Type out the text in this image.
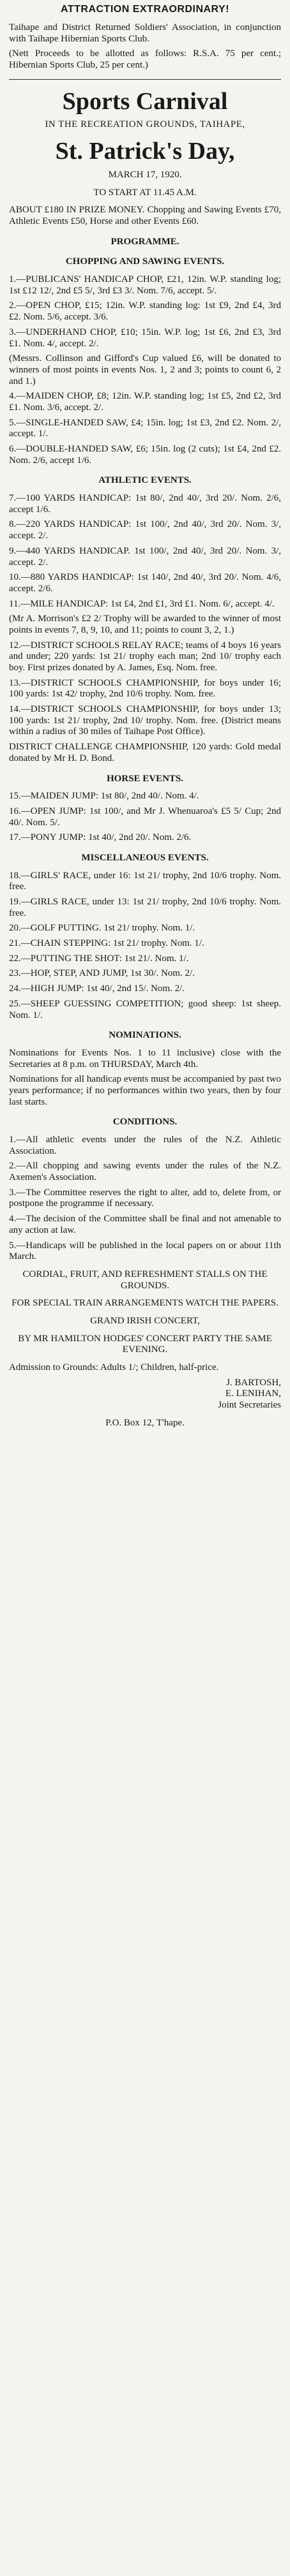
ATTRACTION EXTRAORDINARY!

Taihape and District Returned Soldiers' Association, in conjunction with Taihape Hibernian Sports Club.

(Nett Proceeds to be allotted as follows: R.S.A. 75 per cent.; Hibernian Sports Club, 25 per cent.)

Sports Carnival
IN THE RECREATION GROUNDS, TAIHAPE,
St. Patrick's Day,
MARCH 17, 1920.
TO START AT 11.45 A.M.

ABOUT £180 IN PRIZE MONEY. Chopping and Sawing Events £70, Athletic Events £50, Horse and other Events £60.

PROGRAMME.
CHOPPING AND SAWING EVENTS.

1.—PUBLICANS' HANDICAP CHOP, £21, 12in. W.P. standing log; 1st £12 12/, 2nd £5 5/, 3rd £3 3/. Nom. 7/6, accept. 5/.

2.—OPEN CHOP, £15; 12in. W.P. standing log: 1st £9, 2nd £4, 3rd £2. Nom. 5/6, accept. 3/6.

3.—UNDERHAND CHOP, £10; 15in. W.P. log; 1st £6, 2nd £3, 3rd £1. Nom. 4/, accept. 2/.

(Messrs. Collinson and Gifford's Cup valued £6, will be donated to winners of most points in events Nos. 1, 2 and 3; points to count 6, 2 and 1.)

4.—MAIDEN CHOP, £8; 12in. W.P. standing log; 1st £5, 2nd £2, 3rd £1. Nom. 3/6, accept. 2/.

5.—SINGLE-HANDED SAW, £4; 15in. log; 1st £3, 2nd £2. Nom. 2/, accept. 1/.

6.—DOUBLE-HANDED SAW, £6; 15in. log (2 cuts); 1st £4, 2nd £2. Nom. 2/6, accept 1/6.

ATHLETIC EVENTS.

7.—100 YARDS HANDICAP: 1st 80/, 2nd 40/, 3rd 20/. Nom. 2/6, accept 1/6.

8.—220 YARDS HANDICAP: 1st 100/, 2nd 40/, 3rd 20/. Nom. 3/, accept. 2/.

9.—440 YARDS HANDICAP. 1st 100/, 2nd 40/, 3rd 20/. Nom. 3/, accept. 2/.

10.—880 YARDS HANDICAP: 1st 140/, 2nd 40/, 3rd 20/. Nom. 4/6, accept. 2/6.

11.—MILE HANDICAP: 1st £4, 2nd £1, 3rd £1. Nom. 6/, accept. 4/.

(Mr A. Morrison's £2 2/ Trophy will be awarded to the winner of most points in events 7, 8, 9, 10, and 11; points to count 3, 2, 1.)

12.—DISTRICT SCHOOLS RELAY RACE; teams of 4 boys 16 years and under; 220 yards: 1st 21/ trophy each man; 2nd 10/ trophy each boy. First prizes donated by A. James, Esq. Nom. free.

13.—DISTRICT SCHOOLS CHAMPIONSHIP, for boys under 16; 100 yards: 1st 42/ trophy, 2nd 10/6 trophy. Nom. free.

14.—DISTRICT SCHOOLS CHAMPIONSHIP, for boys under 13; 100 yards: 1st 21/ trophy, 2nd 10/ trophy. Nom. free. (District means within a radius of 30 miles of Taihape Post Office).

DISTRICT CHALLENGE CHAMPIONSHIP, 120 yards: Gold medal donated by Mr H. D. Bond.

HORSE EVENTS.

15.—MAIDEN JUMP: 1st 80/, 2nd 40/. Nom. 4/.

16.—OPEN JUMP: 1st 100/, and Mr J. Whenuaroa's £5 5/ Cup; 2nd 40/. Nom. 5/.

17.—PONY JUMP: 1st 40/, 2nd 20/. Nom. 2/6.

MISCELLANEOUS EVENTS.

18.—GIRLS' RACE, under 16: 1st 21/ trophy, 2nd 10/6 trophy. Nom. free.

19.—GIRLS RACE, under 13: 1st 21/ trophy, 2nd 10/6 trophy. Nom. free.

20.—GOLF PUTTING. 1st 21/ trophy. Nom. 1/.

21.—CHAIN STEPPING: 1st 21/ trophy. Nom. 1/.

22.—PUTTING THE SHOT: 1st 21/. Nom. 1/.

23.—HOP, STEP, AND JUMP, 1st 30/. Nom. 2/.

24.—HIGH JUMP: 1st 40/, 2nd 15/. Nom. 2/.

25.—SHEEP GUESSING COMPETITION; good sheep: 1st sheep. Nom. 1/.

NOMINATIONS.

Nominations for Events Nos. 1 to 11 inclusive) close with the Secretaries at 8 p.m. on THURSDAY, March 4th.

Nominations for all handicap events must be accompanied by past two years performance; if no performances within two years, then by four last starts.

CONDITIONS.

1.—All athletic events under the rules of the N.Z. Athletic Association.

2.—All chopping and sawing events under the rules of the N.Z. Axemen's Association.

3.—The Committee reserves the right to alter, add to, delete from, or postpone the programme if necessary.

4.—The decision of the Committee shall be final and not amenable to any action at law.

5.—Handicaps will be published in the local papers on or about 11th March.

CORDIAL, FRUIT, AND REFRESHMENT STALLS ON THE GROUNDS.
FOR SPECIAL TRAIN ARRANGEMENTS WATCH THE PAPERS.
GRAND IRISH CONCERT,
BY MR HAMILTON HODGES' CONCERT PARTY THE SAME EVENING.

Admission to Grounds: Adults 1/; Children, half-price.

J. BARTOSH,
E. LENIHAN,
Joint Secretaries
P.O. Box 12, T'hape.
